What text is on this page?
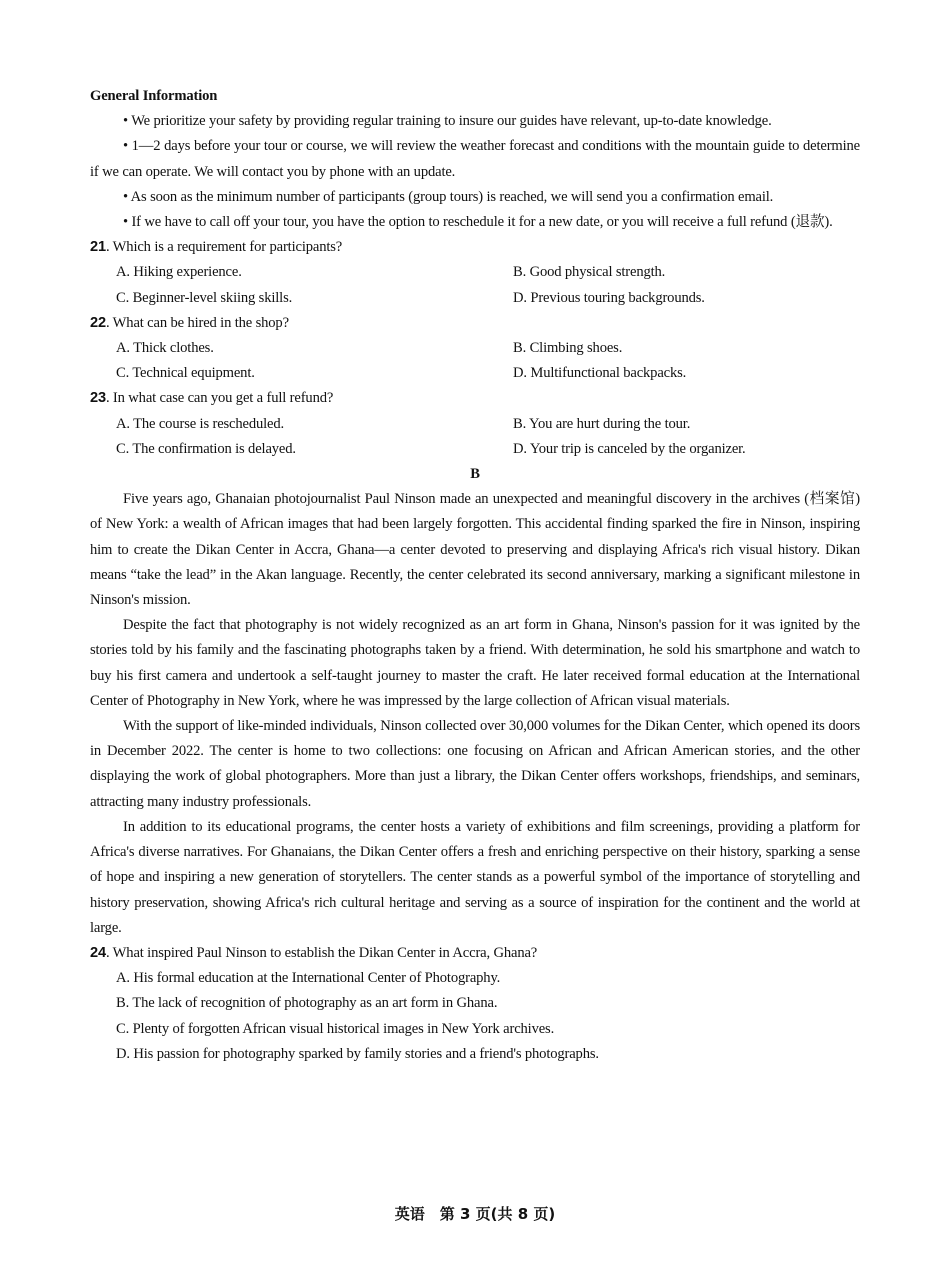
General Information

• We prioritize your safety by providing regular training to insure our guides have relevant, up-to-date knowledge.

• 1—2 days before your tour or course, we will review the weather forecast and conditions with the mountain guide to determine if we can operate. We will contact you by phone with an update.

• As soon as the minimum number of participants (group tours) is reached, we will send you a confirmation email.

• If we have to call off your tour, you have the option to reschedule it for a new date, or you will receive a full refund (退款).

21. Which is a requirement for participants?
A. Hiking experience.	B. Good physical strength.
C. Beginner-level skiing skills.	D. Previous touring backgrounds.
22. What can be hired in the shop?
A. Thick clothes.	B. Climbing shoes.
C. Technical equipment.	D. Multifunctional backpacks.
23. In what case can you get a full refund?
A. The course is rescheduled.	B. You are hurt during the tour.
C. The confirmation is delayed.	D. Your trip is canceled by the organizer.
B

Five years ago, Ghanaian photojournalist Paul Ninson made an unexpected and meaningful discovery in the archives (档案馆) of New York: a wealth of African images that had been largely forgotten. This accidental finding sparked the fire in Ninson, inspiring him to create the Dikan Center in Accra, Ghana—a center devoted to preserving and displaying Africa's rich visual history. Dikan means “take the lead” in the Akan language. Recently, the center celebrated its second anniversary, marking a significant milestone in Ninson's mission.

Despite the fact that photography is not widely recognized as an art form in Ghana, Ninson's passion for it was ignited by the stories told by his family and the fascinating photographs taken by a friend. With determination, he sold his smartphone and watch to buy his first camera and undertook a self-taught journey to master the craft. He later received formal education at the International Center of Photography in New York, where he was impressed by the large collection of African visual materials.

With the support of like-minded individuals, Ninson collected over 30,000 volumes for the Dikan Center, which opened its doors in December 2022. The center is home to two collections: one focusing on African and African American stories, and the other displaying the work of global photographers. More than just a library, the Dikan Center offers workshops, friendships, and seminars, attracting many industry professionals.

In addition to its educational programs, the center hosts a variety of exhibitions and film screenings, providing a platform for Africa's diverse narratives. For Ghanaians, the Dikan Center offers a fresh and enriching perspective on their history, sparking a sense of hope and inspiring a new generation of storytellers. The center stands as a powerful symbol of the importance of storytelling and history preservation, showing Africa's rich cultural heritage and serving as a source of inspiration for the continent and the world at large.

24. What inspired Paul Ninson to establish the Dikan Center in Accra, Ghana?
A. His formal education at the International Center of Photography.
B. The lack of recognition of photography as an art form in Ghana.
C. Plenty of forgotten African visual historical images in New York archives.
D. His passion for photography sparked by family stories and a friend's photographs.
英语　第 3 页(共 8 页)
